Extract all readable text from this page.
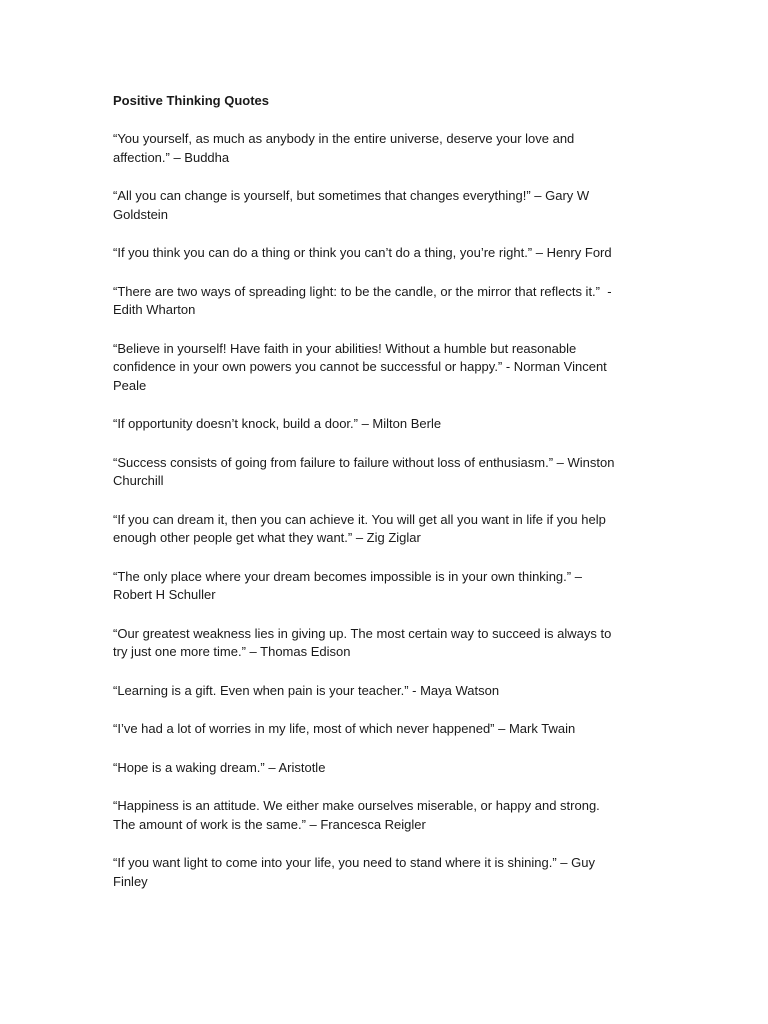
Positive Thinking Quotes

“You yourself, as much as anybody in the entire universe, deserve your love and
affection.” – Buddha

“All you can change is yourself, but sometimes that changes everything!” – Gary W
Goldstein

“If you think you can do a thing or think you can’t do a thing, you’re right.” – Henry Ford

“There are two ways of spreading light: to be the candle, or the mirror that reflects it.”  -
Edith Wharton

“Believe in yourself! Have faith in your abilities! Without a humble but reasonable
confidence in your own powers you cannot be successful or happy.” - Norman Vincent
Peale

“If opportunity doesn’t knock, build a door.” – Milton Berle

“Success consists of going from failure to failure without loss of enthusiasm.” – Winston
Churchill

“If you can dream it, then you can achieve it. You will get all you want in life if you help
enough other people get what they want.” – Zig Ziglar

“The only place where your dream becomes impossible is in your own thinking.” –
Robert H Schuller

“Our greatest weakness lies in giving up. The most certain way to succeed is always to
try just one more time.” – Thomas Edison

“Learning is a gift. Even when pain is your teacher.” - Maya Watson

“I’ve had a lot of worries in my life, most of which never happened” – Mark Twain

“Hope is a waking dream.” – Aristotle

“Happiness is an attitude. We either make ourselves miserable, or happy and strong.
The amount of work is the same.” – Francesca Reigler

“If you want light to come into your life, you need to stand where it is shining.” – Guy
Finley
